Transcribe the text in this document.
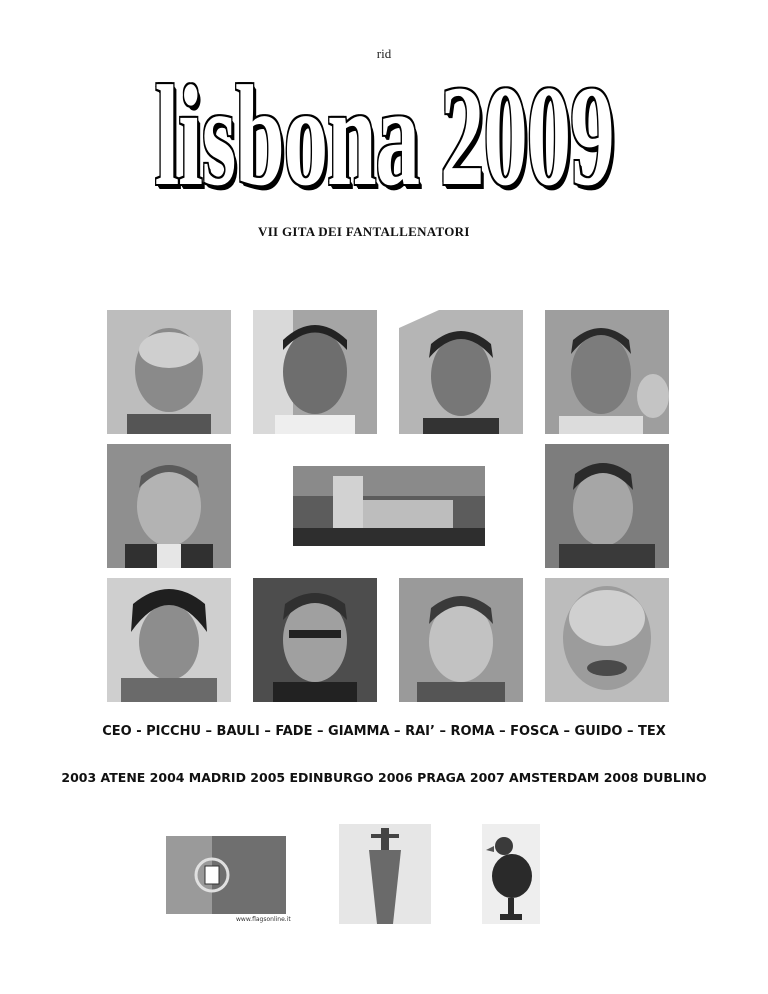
rid
lisbona 2009
VII GITA DEI FANTALLENATORI
CEO - PICCHU – BAULI – FADE – GIAMMA – RAI’ – ROMA – FOSCA – GUIDO – TEX
2003 ATENE 2004 MADRID 2005 EDINBURGO 2006 PRAGA 2007 AMSTERDAM 2008 DUBLINO
www.flagsonline.it
